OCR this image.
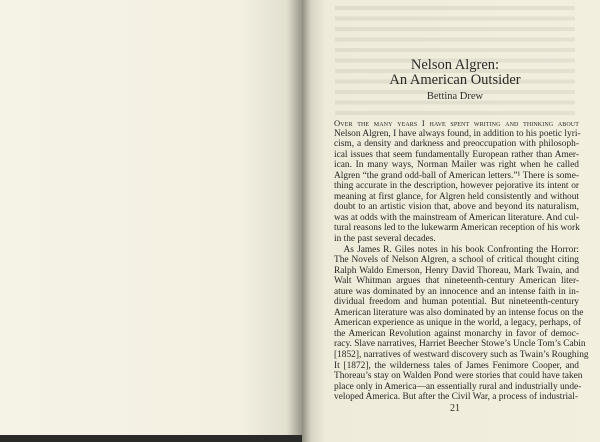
Nelson Algren:
An American Outsider
Bettina Drew
Over the many years I have spent writing and thinking about
Nelson Algren, I have always found, in addition to his poetic lyri-
cism, a density and darkness and preoccupation with philosoph-
ical issues that seem fundamentally European rather than Amer-
ican. In many ways, Norman Mailer was right when he called
Algren “the grand odd-ball of American letters.”¹ There is some-
thing accurate in the description, however pejorative its intent or
meaning at first glance, for Algren held consistently and without
doubt to an artistic vision that, above and beyond its naturalism,
was at odds with the mainstream of American literature. And cul-
tural reasons led to the lukewarm American reception of his work
in the past several decades.
As James R. Giles notes in his book Confronting the Horror:
The Novels of Nelson Algren, a school of critical thought citing
Ralph Waldo Emerson, Henry David Thoreau, Mark Twain, and
Walt Whitman argues that nineteenth-century American liter-
ature was dominated by an innocence and an intense faith in in-
dividual freedom and human potential. But nineteenth-century
American literature was also dominated by an intense focus on the
American experience as unique in the world, a legacy, perhaps, of
the American Revolution against monarchy in favor of democ-
racy. Slave narratives, Harriet Beecher Stowe’s Uncle Tom’s Cabin
[1852], narratives of westward discovery such as Twain’s Roughing
It [1872], the wilderness tales of James Fenimore Cooper, and
Thoreau’s stay on Walden Pond were stories that could have taken
place only in America—an essentially rural and industrially unde-
veloped America. But after the Civil War, a process of industrial-
21
